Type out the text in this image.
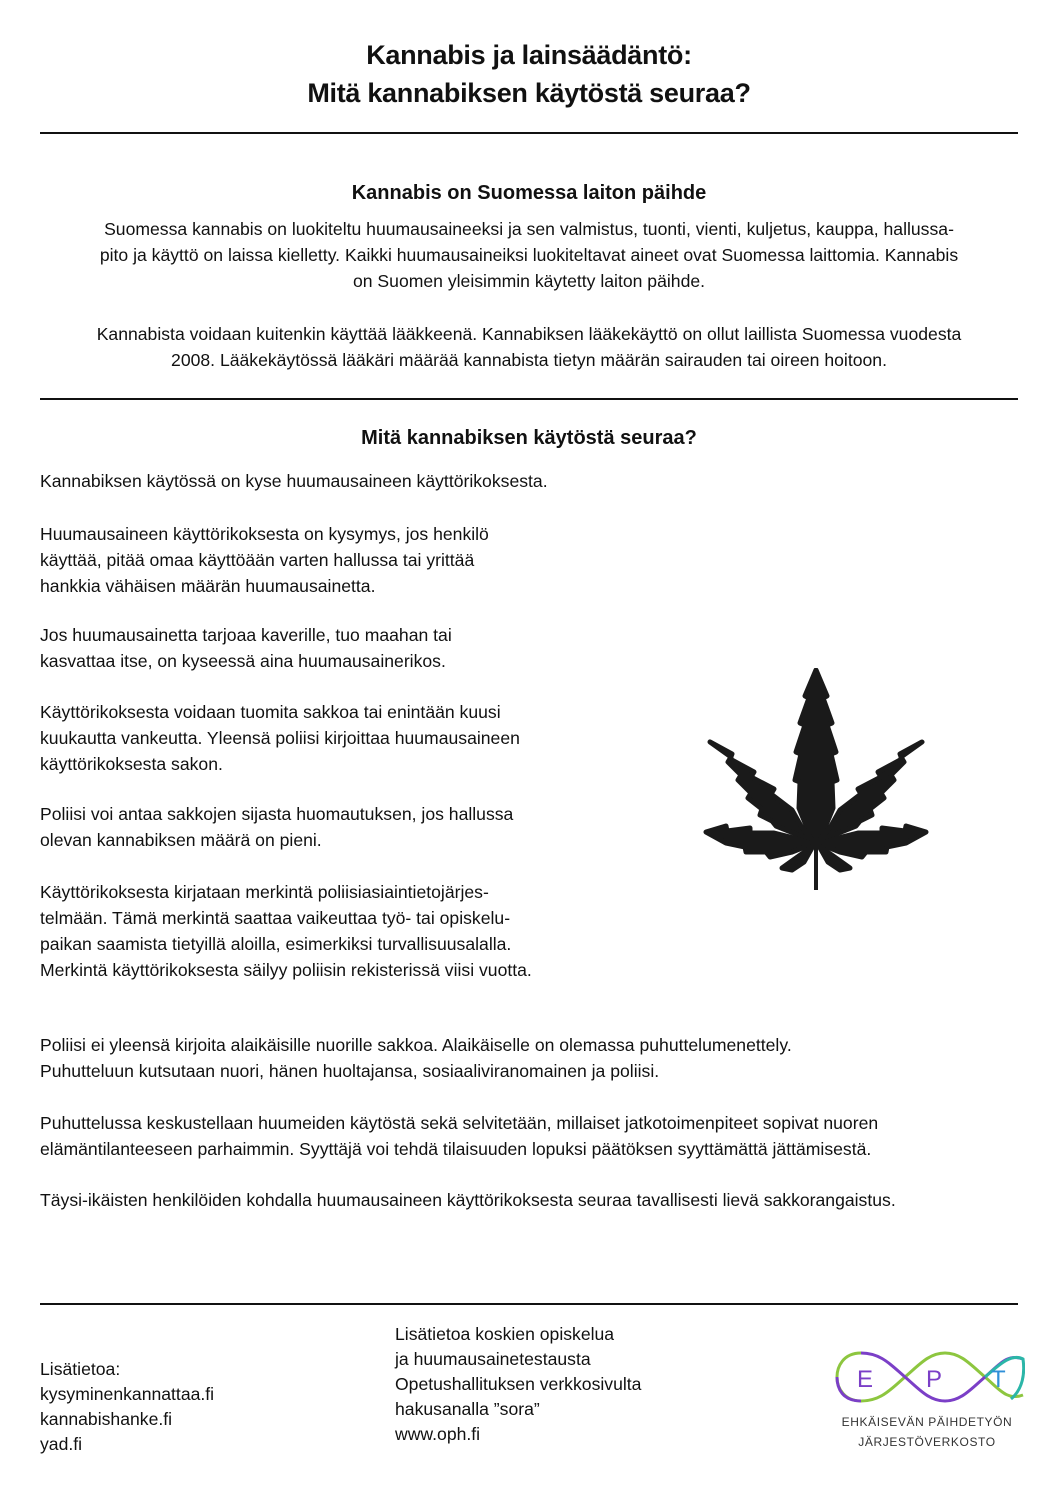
Kannabis ja lainsäädäntö:
Mitä kannabiksen käytöstä seuraa?
Kannabis on Suomessa laiton päihde

Suomessa kannabis on luokiteltu huumausaineeksi ja sen valmistus, tuonti, vienti, kuljetus, kauppa, hallussa-
pito ja käyttö on laissa kielletty. Kaikki huumausaineiksi luokiteltavat aineet ovat Suomessa laittomia. Kannabis
on Suomen yleisimmin käytetty laiton päihde.

Kannabista voidaan kuitenkin käyttää lääkkeenä. Kannabiksen lääkekäyttö on ollut laillista Suomessa vuodesta
2008. Lääkekäytössä lääkäri määrää kannabista tietyn määrän sairauden tai oireen hoitoon.

Mitä kannabiksen käytöstä seuraa?

Kannabiksen käytössä on kyse huumausaineen käyttörikoksesta.

Huumausaineen käyttörikoksesta on kysymys, jos henkilö
käyttää, pitää omaa käyttöään varten hallussa tai yrittää
hankkia vähäisen määrän huumausainetta.

Jos huumausainetta tarjoaa kaverille, tuo maahan tai
kasvattaa itse, on kyseessä aina huumausainerikos.

Käyttörikoksesta voidaan tuomita sakkoa tai enintään kuusi
kuukautta vankeutta. Yleensä poliisi kirjoittaa huumausaineen
käyttörikoksesta sakon.

Poliisi voi antaa sakkojen sijasta huomautuksen, jos hallussa
olevan kannabiksen määrä on pieni.

Käyttörikoksesta kirjataan merkintä poliisiasiaintietojärjes-
telmään. Tämä merkintä saattaa vaikeuttaa työ- tai opiskelu-
paikan saamista tietyillä aloilla, esimerkiksi turvallisuusalalla.
Merkintä käyttörikoksesta säilyy poliisin rekisterissä viisi vuotta.

Poliisi ei yleensä kirjoita alaikäisille nuorille sakkoa. Alaikäiselle on olemassa puhuttelumenettely.
Puhutteluun kutsutaan nuori, hänen huoltajansa, sosiaaliviranomainen ja poliisi.

Puhuttelussa keskustellaan huumeiden käytöstä sekä selvitetään, millaiset jatkotoimenpiteet sopivat nuoren
elämäntilanteeseen parhaimmin. Syyttäjä voi tehdä tilaisuuden lopuksi päätöksen syyttämättä jättämisestä.

Täysi-ikäisten henkilöiden kohdalla huumausaineen käyttörikoksesta seuraa tavallisesti lievä sakkorangaistus.

Lisätietoa:
kysyminenkannattaa.fi
kannabishanke.fi
yad.fi

Lisätietoa koskien opiskelua
ja huumausainetestausta
Opetushallituksen verkkosivulta
hakusanalla ”sora”
www.oph.fi

E P T
EHKÄISEVÄN PÄIHDETYÖN
JÄRJESTÖVERKOSTO
